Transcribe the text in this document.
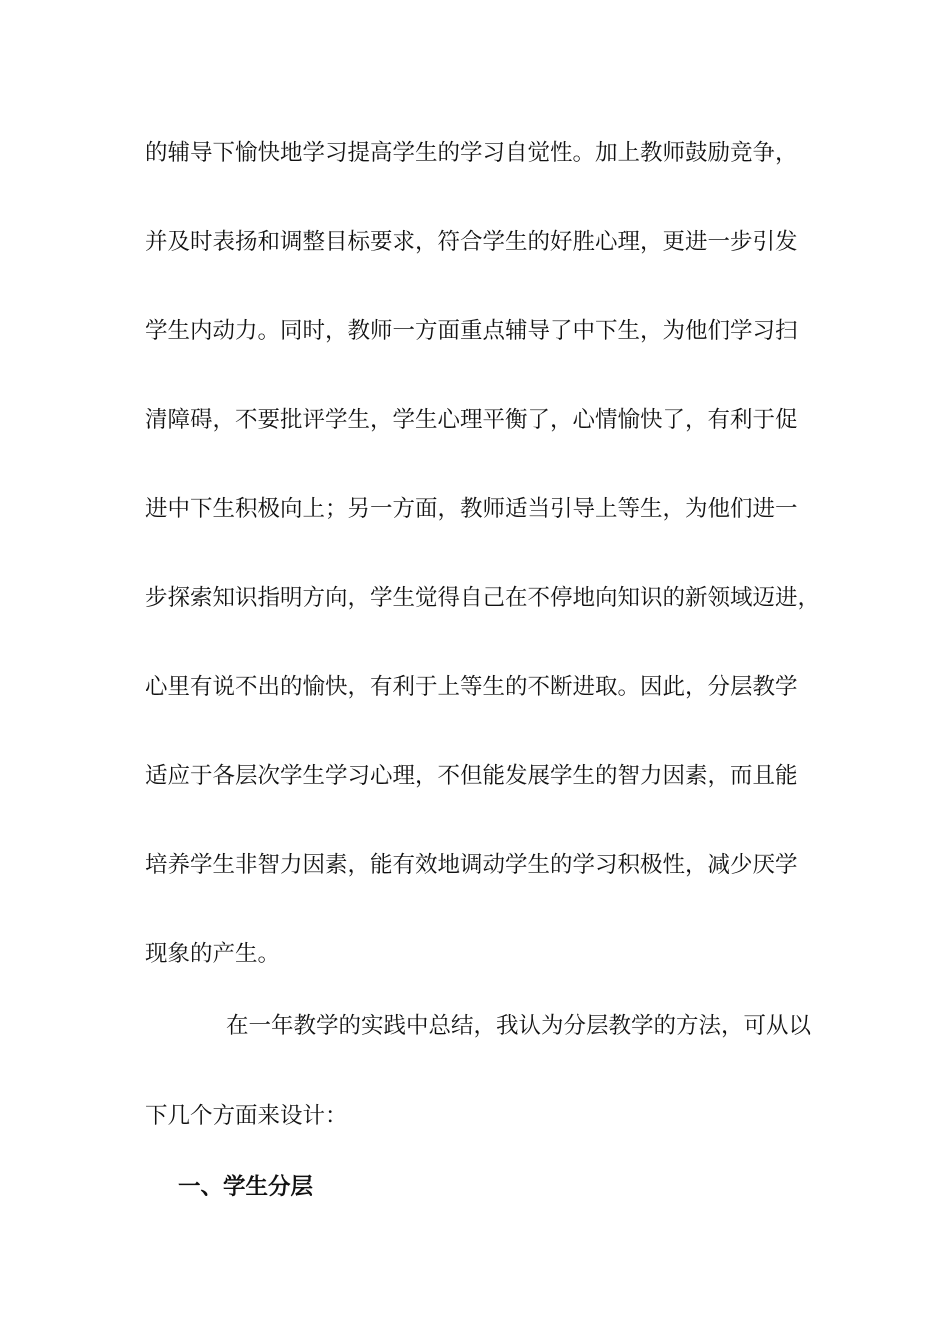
的辅导下愉快地学习提高学生的学习自觉性。加上教师鼓励竞争，
并及时表扬和调整目标要求，符合学生的好胜心理，更进一步引发
学生内动力。同时，教师一方面重点辅导了中下生，为他们学习扫
清障碍，不要批评学生，学生心理平衡了，心情愉快了，有利于促
进中下生积极向上；另一方面，教师适当引导上等生，为他们进一
步探索知识指明方向，学生觉得自己在不停地向知识的新领域迈进，
心里有说不出的愉快，有利于上等生的不断进取。因此，分层教学
适应于各层次学生学习心理，不但能发展学生的智力因素，而且能
培养学生非智力因素，能有效地调动学生的学习积极性，减少厌学
现象的产生。
在一年教学的实践中总结，我认为分层教学的方法，可从以
下几个方面来设计：
一、学生分层
